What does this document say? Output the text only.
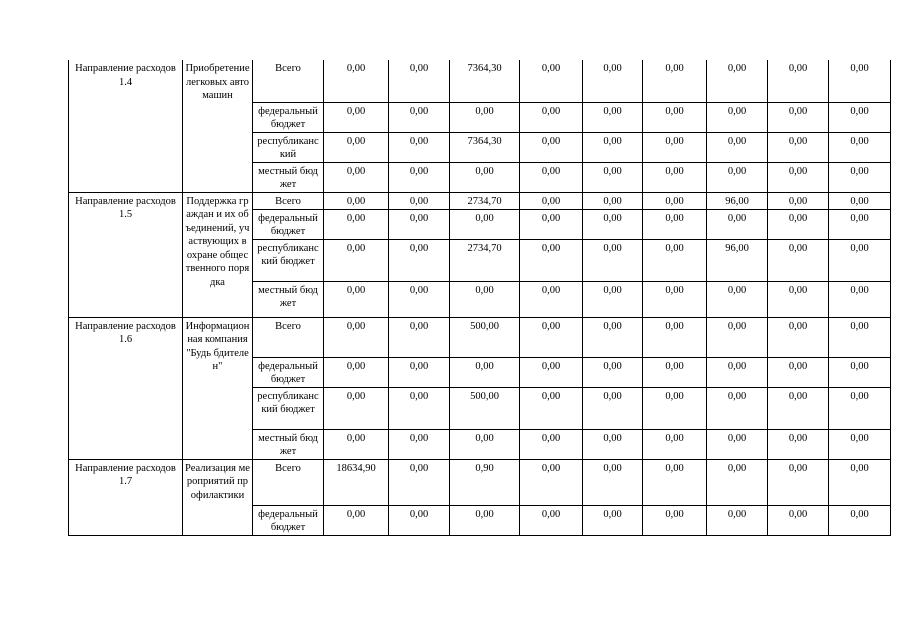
Направление расходов 1.4	Приобретение легковых автомашин	Всего	0,00	0,00	7364,30	0,00	0,00	0,00	0,00	0,00	0,00
		федеральный бюджет	0,00	0,00	0,00	0,00	0,00	0,00	0,00	0,00	0,00
		республиканский	0,00	0,00	7364,30	0,00	0,00	0,00	0,00	0,00	0,00
		местный бюджет	0,00	0,00	0,00	0,00	0,00	0,00	0,00	0,00	0,00
Направление расходов 1.5	Поддержка граждан и их объединений, участвующих в охране общественного порядка	Всего	0,00	0,00	2734,70	0,00	0,00	0,00	96,00	0,00	0,00
		федеральный бюджет	0,00	0,00	0,00	0,00	0,00	0,00	0,00	0,00	0,00
		республиканский бюджет	0,00	0,00	2734,70	0,00	0,00	0,00	96,00	0,00	0,00
		местный бюджет	0,00	0,00	0,00	0,00	0,00	0,00	0,00	0,00	0,00
Направление расходов 1.6	Информационная компания "Будь бдителен"	Всего	0,00	0,00	500,00	0,00	0,00	0,00	0,00	0,00	0,00
		федеральный бюджет	0,00	0,00	0,00	0,00	0,00	0,00	0,00	0,00	0,00
		республиканский бюджет	0,00	0,00	500,00	0,00	0,00	0,00	0,00	0,00	0,00
		местный бюджет	0,00	0,00	0,00	0,00	0,00	0,00	0,00	0,00	0,00
Направление расходов 1.7	Реализация мероприятий профилактики	Всего	18634,90	0,00	0,90	0,00	0,00	0,00	0,00	0,00	0,00
		федеральный бюджет	0,00	0,00	0,00	0,00	0,00	0,00	0,00	0,00	0,00
